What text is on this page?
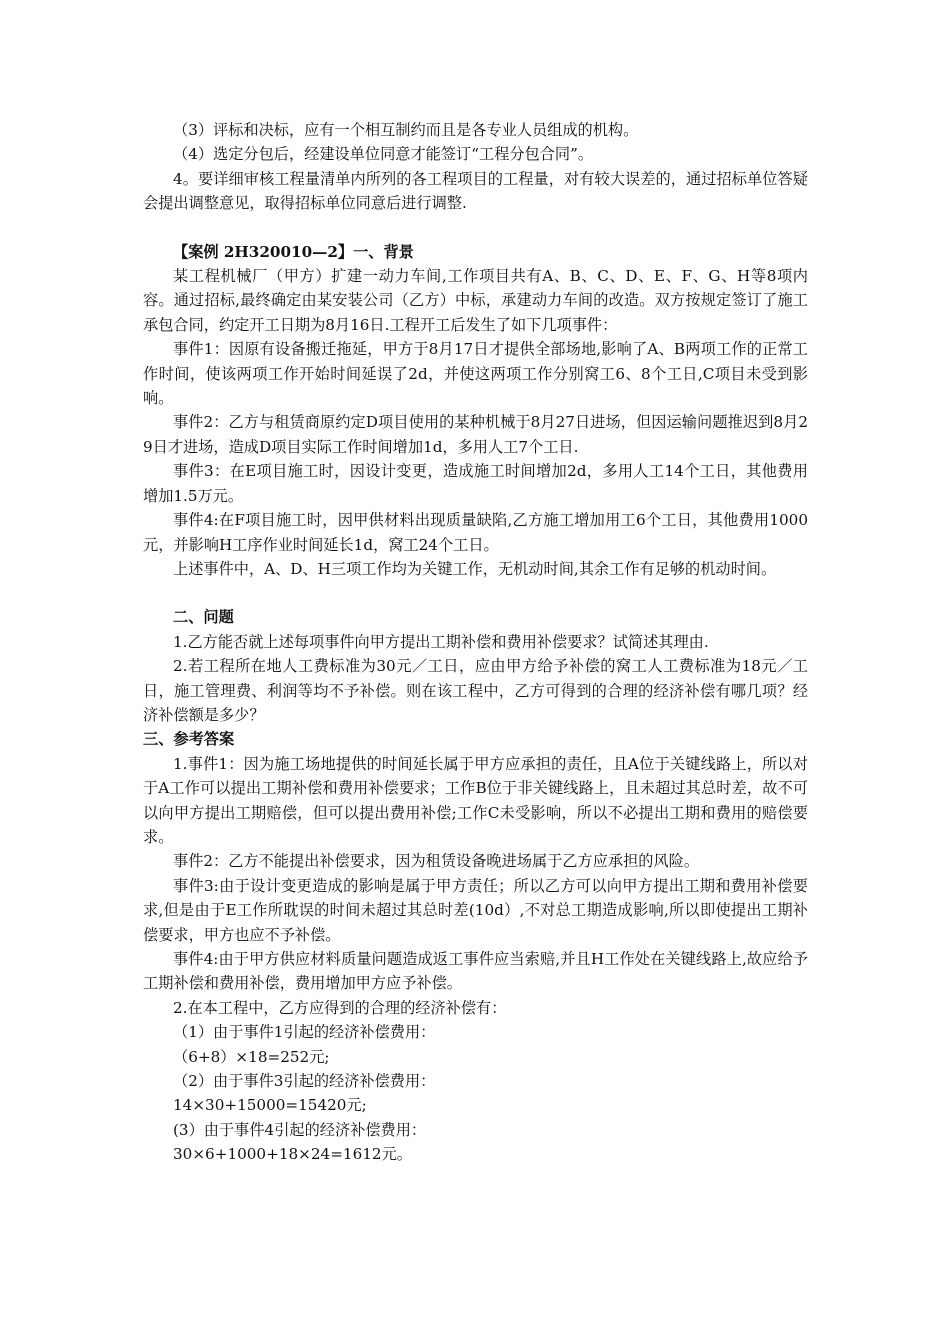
（3）评标和决标，应有一个相互制约而且是各专业人员组成的机构。

（4）选定分包后，经建设单位同意才能签订“工程分包合同”。

4。要详细审核工程量清单内所列的各工程项目的工程量，对有较大误差的，通过招标单位答疑会提出调整意见，取得招标单位同意后进行调整.

【案例 2H320010—2】一、背景

某工程机械厂（甲方）扩建一动力车间,工作项目共有A、B、C、D、E、F、G、H等8项内容。通过招标,最终确定由某安装公司（乙方）中标，承建动力车间的改造。双方按规定签订了施工承包合同，约定开工日期为8月16日.工程开工后发生了如下几项事件：

事件1：因原有设备搬迁拖延，甲方于8月17日才提供全部场地,影响了A、B两项工作的正常工作时间，使该两项工作开始时间延误了2d，并使这两项工作分别窝工6、8个工日,C项目未受到影响。

事件2：乙方与租赁商原约定D项目使用的某种机械于8月27日进场，但因运输问题推迟到8月29日才进场，造成D项目实际工作时间增加1d，多用人工7个工日.

事件3：在E项目施工时，因设计变更，造成施工时间增加2d，多用人工14个工日，其他费用增加1.5万元。

事件4:在F项目施工时，因甲供材料出现质量缺陷,乙方施工增加用工6个工日，其他费用1000元，并影响H工序作业时间延长1d，窝工24个工日。

上述事件中，A、D、H三项工作均为关键工作，无机动时间,其余工作有足够的机动时间。

二、问题

1.乙方能否就上述每项事件向甲方提出工期补偿和费用补偿要求？试简述其理由.

2.若工程所在地人工费标准为30元／工日，应由甲方给予补偿的窝工人工费标准为18元／工日，施工管理费、利润等均不予补偿。则在该工程中，乙方可得到的合理的经济补偿有哪几项？经济补偿额是多少？

三、参考答案

1.事件1：因为施工场地提供的时间延长属于甲方应承担的责任，且A位于关键线路上，所以对于A工作可以提出工期补偿和费用补偿要求；工作B位于非关键线路上，且未超过其总时差，故不可以向甲方提出工期赔偿，但可以提出费用补偿;工作C未受影响，所以不必提出工期和费用的赔偿要求。

事件2：乙方不能提出补偿要求，因为租赁设备晚进场属于乙方应承担的风险。

事件3:由于设计变更造成的影响是属于甲方责任；所以乙方可以向甲方提出工期和费用补偿要求,但是由于E工作所耽误的时间未超过其总时差(10d）,不对总工期造成影响,所以即使提出工期补偿要求，甲方也应不予补偿。

事件4:由于甲方供应材料质量问题造成返工事件应当索赔,并且H工作处在关键线路上,故应给予工期补偿和费用补偿，费用增加甲方应予补偿。

2.在本工程中，乙方应得到的合理的经济补偿有：

（1）由于事件1引起的经济补偿费用：

（6+8）×18=252元;

（2）由于事件3引起的经济补偿费用：

14×30+15000=15420元;

(3）由于事件4引起的经济补偿费用：

30×6+1000+18×24=1612元。
